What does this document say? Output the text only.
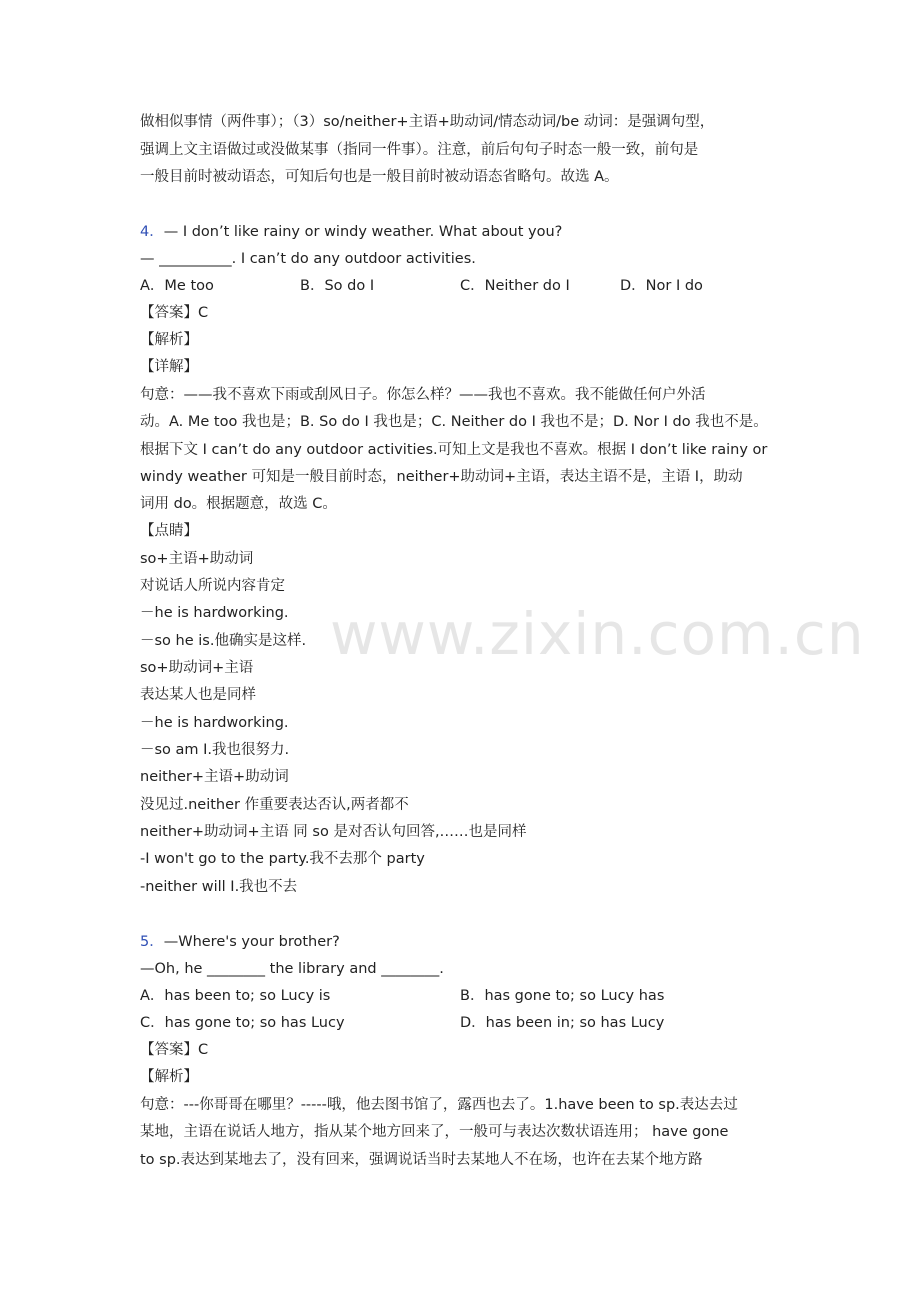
www.zixin.com.cn
做相似事情（两件事）；（3）so/neither+主语+助动词/情态动词/be 动词：是强调句型，
强调上文主语做过或没做某事（指同一件事）。注意，前后句句子时态一般一致，前句是
一般目前时被动语态，可知后句也是一般目前时被动语态省略句。故选 A。
4．— I don’t like rainy or windy weather. What about you?
— __________. I can’t do any outdoor activities.
A．Me too	B．So do I	C．Neither do I	D．Nor I do
【答案】C
【解析】
【详解】
句意：——我不喜欢下雨或刮风日子。你怎么样？——我也不喜欢。我不能做任何户外活
动。A. Me too 我也是；B. So do I 我也是；C. Neither do I 我也不是；D. Nor I do 我也不是。
根据下文 I can’t do any outdoor activities.可知上文是我也不喜欢。根据 I don’t like rainy or
windy weather 可知是一般目前时态，neither+助动词+主语，表达主语不是，主语 I，助动
词用 do。根据题意，故选 C。
【点睛】
so+主语+助动词
对说话人所说内容肯定
－he is hardworking.
－so he is.他确实是这样.
so+助动词+主语
表达某人也是同样
－he is hardworking.
－so am I.我也很努力.
neither+主语+助动词
没见过.neither 作重要表达否认,两者都不
neither+助动词+主语 同 so 是对否认句回答,……也是同样
-I won't go to the party.我不去那个 party
-neither will I.我也不去
5．—Where's your brother?
—Oh, he ________ the library and ________.
A．has been to; so Lucy is	B．has gone to; so Lucy has
C．has gone to; so has Lucy	D．has been in; so has Lucy
【答案】C
【解析】
句意：---你哥哥在哪里？-----哦，他去图书馆了，露西也去了。1.have been to sp.表达去过
某地，主语在说话人地方，指从某个地方回来了，一般可与表达次数状语连用； have gone
to sp.表达到某地去了，没有回来，强调说话当时去某地人不在场，也许在去某个地方路
